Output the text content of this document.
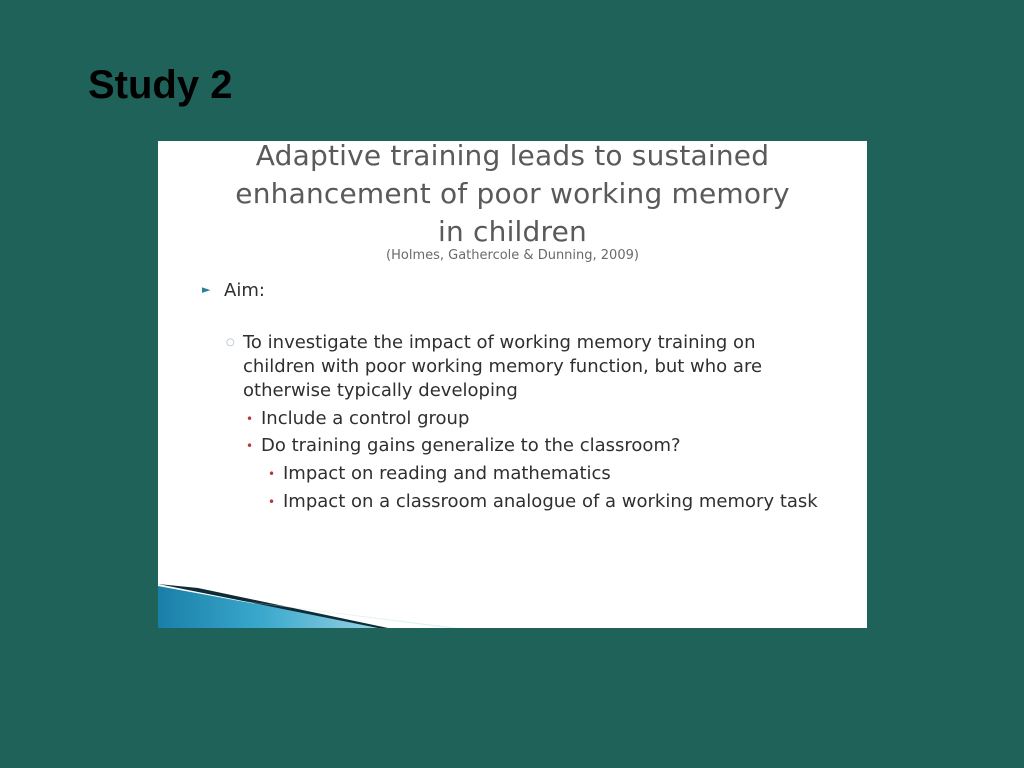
Study 2
Adaptive training leads to sustained
enhancement of poor working memory
in children
(Holmes, Gathercole & Dunning, 2009)
► Aim:
○ To investigate the impact of working memory training on children with poor working memory function, but who are otherwise typically developing
• Include a control group
• Do training gains generalize to the classroom?
• Impact on reading and mathematics
• Impact on a classroom analogue of a working memory task
